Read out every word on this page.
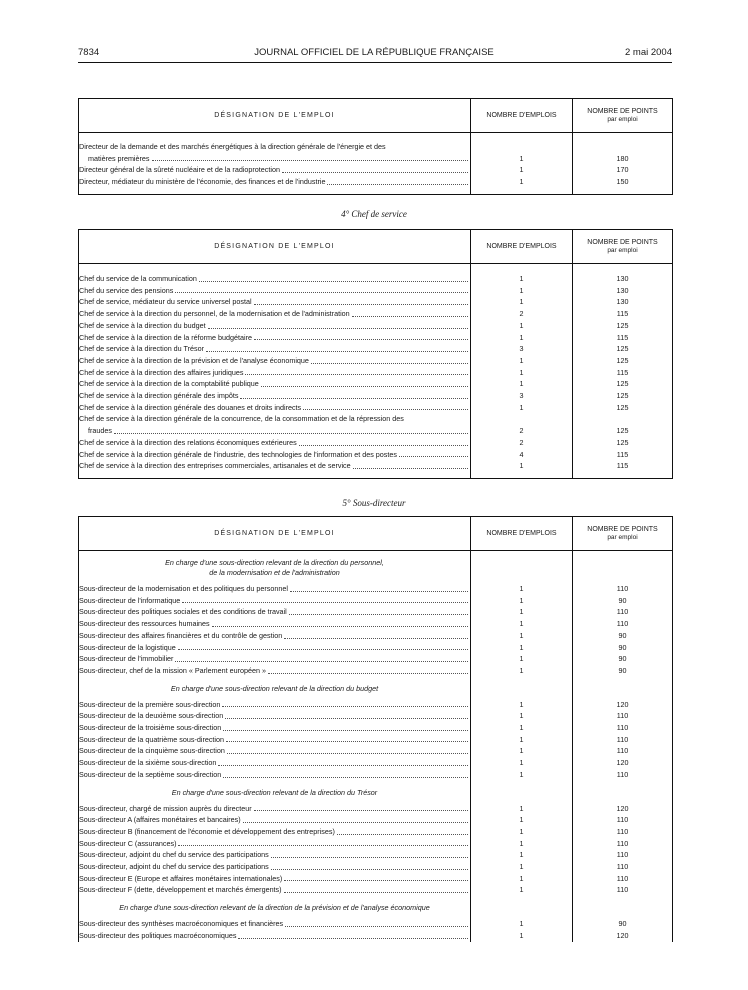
7834	JOURNAL OFFICIEL DE LA RÉPUBLIQUE FRANÇAISE	2 mai 2004
DÉSIGNATION DE L'EMPLOI	NOMBRE D'EMPLOIS	NOMBRE DE POINTS
par emploi

Directeur de la demande et des marchés énergétiques à la direction générale de l'énergie et des
matières premières	1	180

Directeur général de la sûreté nucléaire et de la radioprotection	1	170

Directeur, médiateur du ministère de l'économie, des finances et de l'industrie	1	150

4° Chef de service
DÉSIGNATION DE L'EMPLOI	NOMBRE D'EMPLOIS	NOMBRE DE POINTS
par emploi

Chef du service de la communication	1	130

Chef du service des pensions	1	130

Chef de service, médiateur du service universel postal	1	130

Chef de service à la direction du personnel, de la modernisation et de l'administration	2	115

Chef de service à la direction du budget	1	125

Chef de service à la direction de la réforme budgétaire	1	115

Chef de service à la direction du Trésor	3	125

Chef de service à la direction de la prévision et de l'analyse économique	1	125

Chef de service à la direction des affaires juridiques	1	115

Chef de service à la direction de la comptabilité publique	1	125

Chef de service à la direction générale des impôts	3	125

Chef de service à la direction générale des douanes et droits indirects	1	125

Chef de service à la direction générale de la concurrence, de la consommation et de la répression des
fraudes	2	125

Chef de service à la direction des relations économiques extérieures	2	125

Chef de service à la direction générale de l'industrie, des technologies de l'information et des postes	4	115

Chef de service à la direction des entreprises commerciales, artisanales et de service	1	115

5° Sous-directeur
DÉSIGNATION DE L'EMPLOI	NOMBRE D'EMPLOIS	NOMBRE DE POINTS
par emploi

En charge d'une sous-direction relevant de la direction du personnel,
de la modernisation et de l'administration		

Sous-directeur de la modernisation et des politiques du personnel	1	110

Sous-directeur de l'informatique	1	90

Sous-directeur des politiques sociales et des conditions de travail	1	110

Sous-directeur des ressources humaines	1	110

Sous-directeur des affaires financières et du contrôle de gestion	1	90

Sous-directeur de la logistique	1	90

Sous-directeur de l'immobilier	1	90

Sous-directeur, chef de la mission « Parlement européen »	1	90

En charge d'une sous-direction relevant de la direction du budget		

Sous-directeur de la première sous-direction	1	120

Sous-directeur de la deuxième sous-direction	1	110

Sous-directeur de la troisième sous-direction	1	110

Sous-directeur de la quatrième sous-direction	1	110

Sous-directeur de la cinquième sous-direction	1	110

Sous-directeur de la sixième sous-direction	1	120

Sous-directeur de la septième sous-direction	1	110

En charge d'une sous-direction relevant de la direction du Trésor		

Sous-directeur, chargé de mission auprès du directeur	1	120

Sous-directeur A (affaires monétaires et bancaires)	1	110

Sous-directeur B (financement de l'économie et développement des entreprises)	1	110

Sous-directeur C (assurances)	1	110

Sous-directeur, adjoint du chef du service des participations	1	110

Sous-directeur, adjoint du chef du service des participations	1	110

Sous-directeur E (Europe et affaires monétaires internationales)	1	110

Sous-directeur F (dette, développement et marchés émergents)	1	110

En charge d'une sous-direction relevant de la direction de la prévision et de l'analyse économique		

Sous-directeur des synthèses macroéconomiques et financières	1	90

Sous-directeur des politiques macroéconomiques	1	120
